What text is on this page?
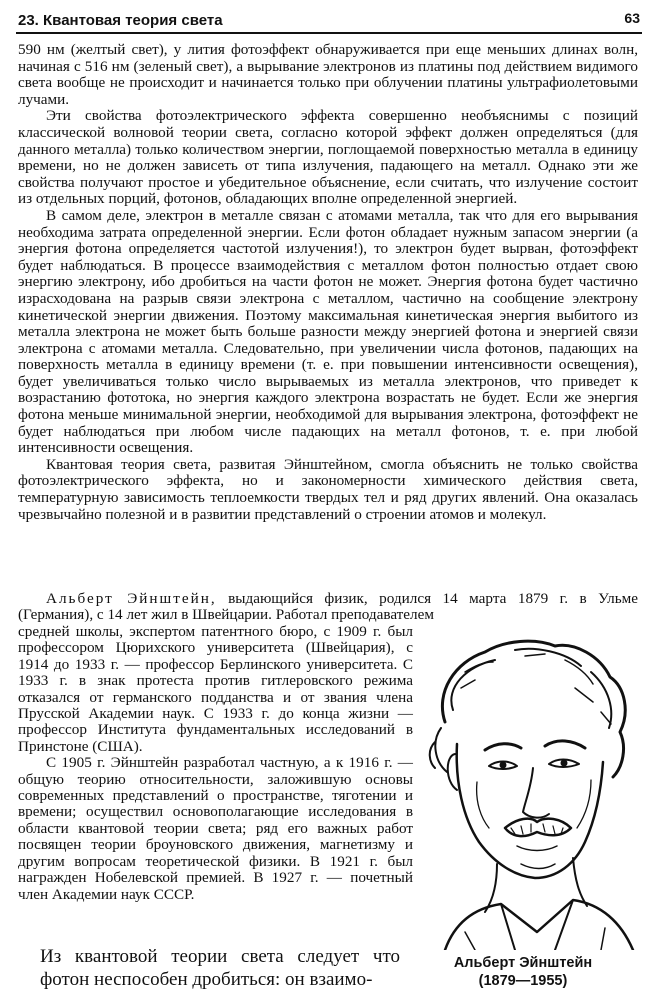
23. Квантовая теория света	63

590 нм (желтый свет), у лития фотоэффект обнаруживается при еще меньших длинах волн, начиная с 516 нм (зеленый свет), а вырывание электронов из платины под действием видимого света вообще не происходит и начинается только при облучении платины ультрафиолетовыми лучами.

Эти свойства фотоэлектрического эффекта совершенно необъяснимы с позиций классической волновой теории света, согласно которой эффект должен определяться (для данного металла) только количеством энергии, поглощаемой поверхностью металла в единицу времени, но не должен зависеть от типа излучения, падающего на металл. Однако эти же свойства получают простое и убедительное объяснение, если считать, что излучение состоит из отдельных порций, фотонов, обладающих вполне определенной энергией.

В самом деле, электрон в металле связан с атомами металла, так что для его вырывания необходима затрата определенной энергии. Если фотон обладает нужным запасом энергии (а энергия фотона определяется частотой излучения!), то электрон будет вырван, фотоэффект будет наблюдаться. В процессе взаимодействия с металлом фотон полностью отдает свою энергию электрону, ибо дробиться на части фотон не может. Энергия фотона будет частично израсходована на разрыв связи электрона с металлом, частично на сообщение электрону кинетической энергии движения. Поэтому максимальная кинетическая энергия выбитого из металла электрона не может быть больше разности между энергией фотона и энергией связи электрона с атомами металла. Следовательно, при увеличении числа фотонов, падающих на поверхность металла в единицу времени (т. е. при повышении интенсивности освещения), будет увеличиваться только число вырываемых из металла электронов, что приведет к возрастанию фототока, но энергия каждого электрона возрастать не будет. Если же энергия фотона меньше минимальной энергии, необходимой для вырывания электрона, фотоэффект не будет наблюдаться при любом числе падающих на металл фотонов, т. е. при любой интенсивности освещения.

Квантовая теория света, развитая Эйнштейном, смогла объяснить не только свойства фотоэлектрического эффекта, но и закономерности химического действия света, температурную зависимость теплоемкости твердых тел и ряд других явлений. Она оказалась чрезвычайно полезной и в развитии представлений о строении атомов и молекул.

Альберт Эйнштейн, выдающийся физик, родился 14 марта 1879 г. в Ульме (Германия), с 14 лет жил в Швейцарии. Работал преподавателем

средней школы, экспертом патентного бюро, с 1909 г. был профессором Цюрихского университета (Швейцария), с 1914 до 1933 г. — профессор Берлинского университета. С 1933 г. в знак протеста против гитлеровского режима отказался от германского подданства и от звания члена Прусской Академии наук. С 1933 г. до конца жизни — профессор Института фундаментальных исследований в Принстоне (США).

С 1905 г. Эйнштейн разработал частную, а к 1916 г. — общую теорию относительности, заложившую основы современных представлений о пространстве, тяготении и времени; осуществил основополагающие исследования в области квантовой теории света; ряд его важных работ посвящен теории броуновского движения, магнетизму и другим вопросам теоретической физики. В 1921 г. был награжден Нобелевской премией. В 1927 г. — почетный член Академии наук СССР.

Альберт Эйнштейн
(1879—1955)

Из квантовой теории света следует что фотон неспособен дробиться: он взаимо-
